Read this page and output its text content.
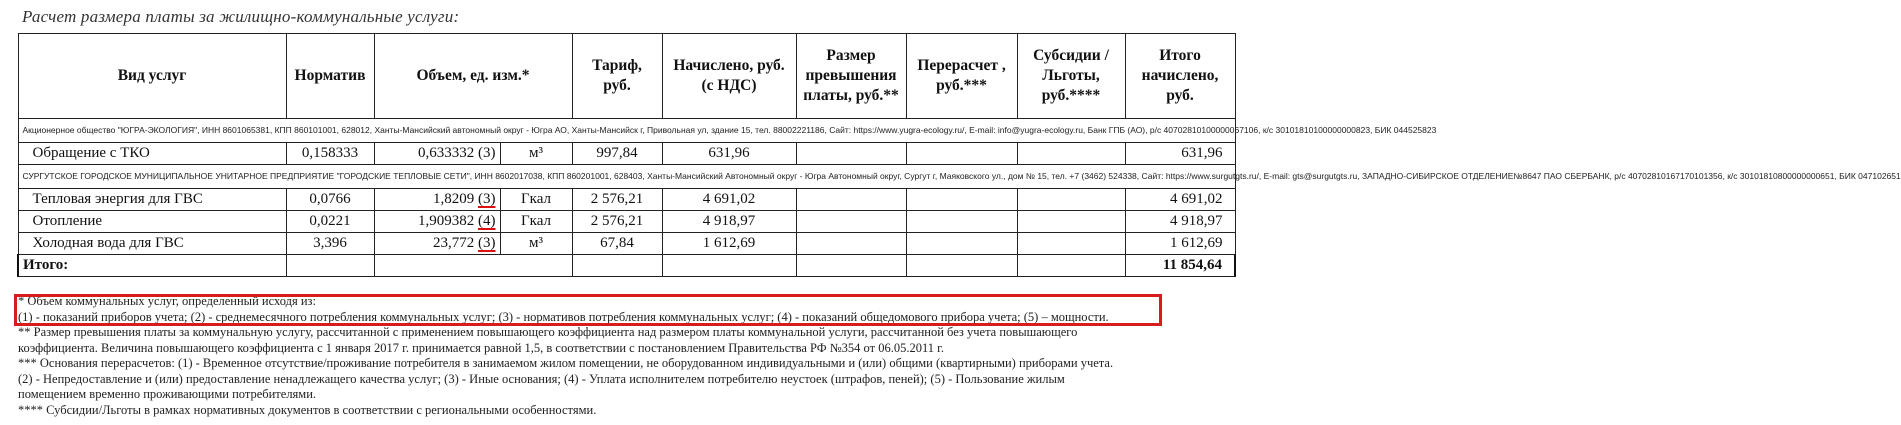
Расчет размера платы за жилищно-коммунальные услуги:
Вид услуг	Норматив	Объем, ед. изм.*		Тариф, руб.	Начислено, руб. (с НДС)	Размер превышения платы, руб.**	Перерасчет , руб.***	Субсидии /Льготы, руб.****	Итого начислено, руб.
Акционерное общество "ЮГРА-ЭКОЛОГИЯ", ИНН 8601065381, КПП 860101001, 628012, Ханты-Мансийский автономный округ - Югра АО, Ханты-Мансийск г, Привольная ул, здание 15, тел. 88002221186, Сайт: https://www.yugra-ecology.ru/, E-mail: info@yugra-ecology.ru, Банк ГПБ (АО), р/с 40702810100000067106, к/с 30101810100000000823, БИК 044525823									
Обращение с ТКО	0,158333	0,633332 (3)	м³	997,84	631,96				631,96
СУРГУТСКОЕ ГОРОДСКОЕ МУНИЦИПАЛЬНОЕ УНИТАРНОЕ ПРЕДПРИЯТИЕ "ГОРОДСКИЕ ТЕПЛОВЫЕ СЕТИ", ИНН 8602017038, КПП 860201001, 628403, Ханты-Мансийский Автономный округ - Югра Автономный округ, Сургут г, Маяковского ул., дом № 15, тел. +7 (3462) 524338, Сайт: https://www.surgutgts.ru/, E-mail: gts@surgutgts.ru, ЗАПАДНО-СИБИРСКОЕ ОТДЕЛЕНИЕ№8647 ПАО СБЕРБАНК, р/с 40702810167170101356, к/с 30101810800000000651, БИК 047102651									
Тепловая энергия для ГВС	0,0766	1,8209 (3)	Гкал	2 576,21	4 691,02				4 691,02
Отопление	0,0221	1,909382 (4)	Гкал	2 576,21	4 918,97				4 918,97
Холодная вода для ГВС	3,396	23,772 (3)	м³	67,84	1 612,69				1 612,69
Итого:									11 854,64
* Объем коммунальных услуг, определенный исходя из:
(1) - показаний приборов учета; (2) - среднемесячного потребления коммунальных услуг; (3) - нормативов потребления коммунальных услуг; (4) - показаний общедомового прибора учета; (5) – мощности.
** Размер превышения платы за коммунальную услугу, рассчитанной с применением повышающего коэффициента над размером платы коммунальной услуги, рассчитанной без учета повышающего
коэффициента. Величина повышающего коэффициента с 1 января 2017 г. принимается равной 1,5, в соответствии с постановлением Правительства РФ №354 от 06.05.2011 г.
*** Основания перерасчетов: (1) - Временное отсутствие/проживание потребителя в занимаемом жилом помещении, не оборудованном индивидуальными и (или) общими (квартирными) приборами учета.
(2) - Непредоставление и (или) предоставление ненадлежащего качества услуг; (3) - Иные основания; (4) - Уплата исполнителем потребителю неустоек (штрафов, пеней); (5) - Пользование жилым
помещением временно проживающими потребителями.
**** Субсидии/Льготы в рамках нормативных документов в соответствии с региональными особенностями.
